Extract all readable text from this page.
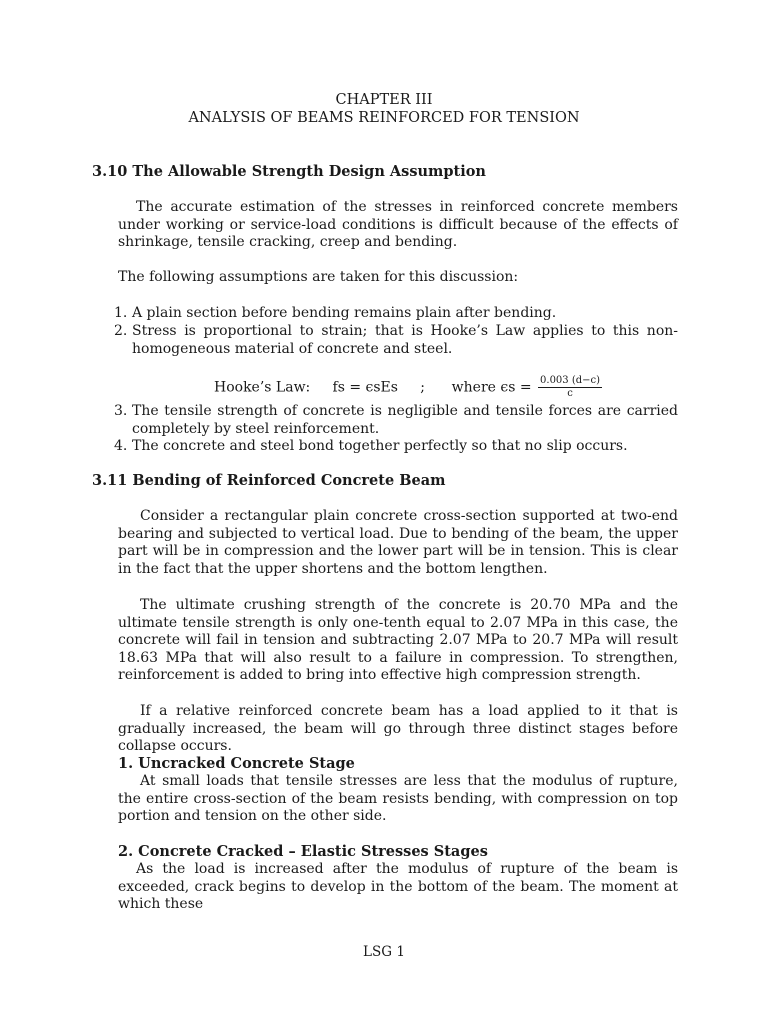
CHAPTER III
ANALYSIS OF BEAMS REINFORCED FOR TENSION
3.10 The Allowable Strength Design Assumption
The accurate estimation of the stresses in reinforced concrete members under working or service-load conditions is difficult because of the effects of shrinkage, tensile cracking, creep and bending.
The following assumptions are taken for this discussion:
1. A plain section before bending remains plain after bending.
2. Stress is proportional to strain; that is Hooke’s Law applies to this non-homogeneous material of concrete and steel.
Hooke’s Law: fs = ϵsEs ; where $\epsilon s = \frac{0.003 (d-c)}{c}$
3. The tensile strength of concrete is negligible and tensile forces are carried completely by steel reinforcement.
4. The concrete and steel bond together perfectly so that no slip occurs.
3.11 Bending of Reinforced Concrete Beam
Consider a rectangular plain concrete cross-section supported at two-end bearing and subjected to vertical load. Due to bending of the beam, the upper part will be in compression and the lower part will be in tension. This is clear in the fact that the upper shortens and the bottom lengthen.
The ultimate crushing strength of the concrete is 20.70 MPa and the ultimate tensile strength is only one-tenth equal to 2.07 MPa in this case, the concrete will fail in tension and subtracting 2.07 MPa to 20.7 MPa will result 18.63 MPa that will also result to a failure in compression. To strengthen, reinforcement is added to bring into effective high compression strength.
If a relative reinforced concrete beam has a load applied to it that is gradually increased, the beam will go through three distinct stages before collapse occurs.
1. Uncracked Concrete Stage
At small loads that tensile stresses are less that the modulus of rupture, the entire cross-section of the beam resists bending, with compression on top portion and tension on the other side.
2. Concrete Cracked – Elastic Stresses Stages
As the load is increased after the modulus of rupture of the beam is exceeded, crack begins to develop in the bottom of the beam. The moment at which these
LSG 1
